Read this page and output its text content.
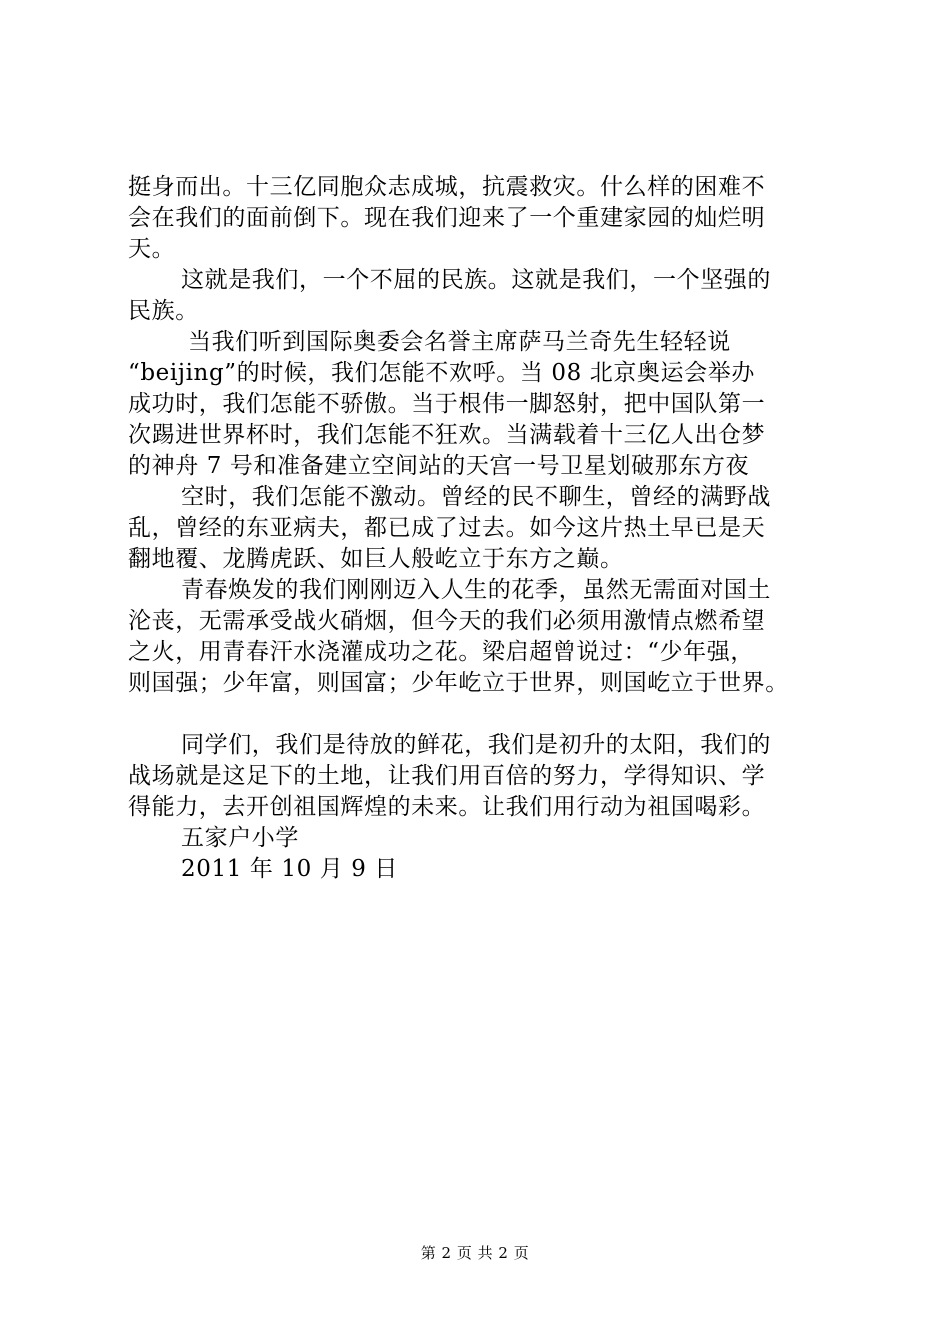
挺身而出。十三亿同胞众志成城，抗震救灾。什么样的困难不
会在我们的面前倒下。现在我们迎来了一个重建家园的灿烂明
天。
这就是我们，一个不屈的民族。这就是我们，一个坚强的
民族。
当我们听到国际奥委会名誉主席萨马兰奇先生轻轻说
“beijing”的时候，我们怎能不欢呼。当 08 北京奥运会举办
成功时，我们怎能不骄傲。当于根伟一脚怒射，把中国队第一
次踢进世界杯时，我们怎能不狂欢。当满载着十三亿人出仓梦
的神舟 7 号和准备建立空间站的天宫一号卫星划破那东方夜
空时，我们怎能不激动。曾经的民不聊生，曾经的满野战
乱，曾经的东亚病夫，都已成了过去。如今这片热土早已是天
翻地覆、龙腾虎跃、如巨人般屹立于东方之巅。
青春焕发的我们刚刚迈入人生的花季，虽然无需面对国土
沦丧，无需承受战火硝烟，但今天的我们必须用激情点燃希望
之火，用青春汗水浇灌成功之花。梁启超曾说过：“少年强，
则国强；少年富，则国富；少年屹立于世界，则国屹立于世界。
同学们，我们是待放的鲜花，我们是初升的太阳，我们的
战场就是这足下的土地，让我们用百倍的努力，学得知识、学
得能力，去开创祖国辉煌的未来。让我们用行动为祖国喝彩。
五家户小学
2011 年 10 月 9 日
第 2 页 共 2 页
